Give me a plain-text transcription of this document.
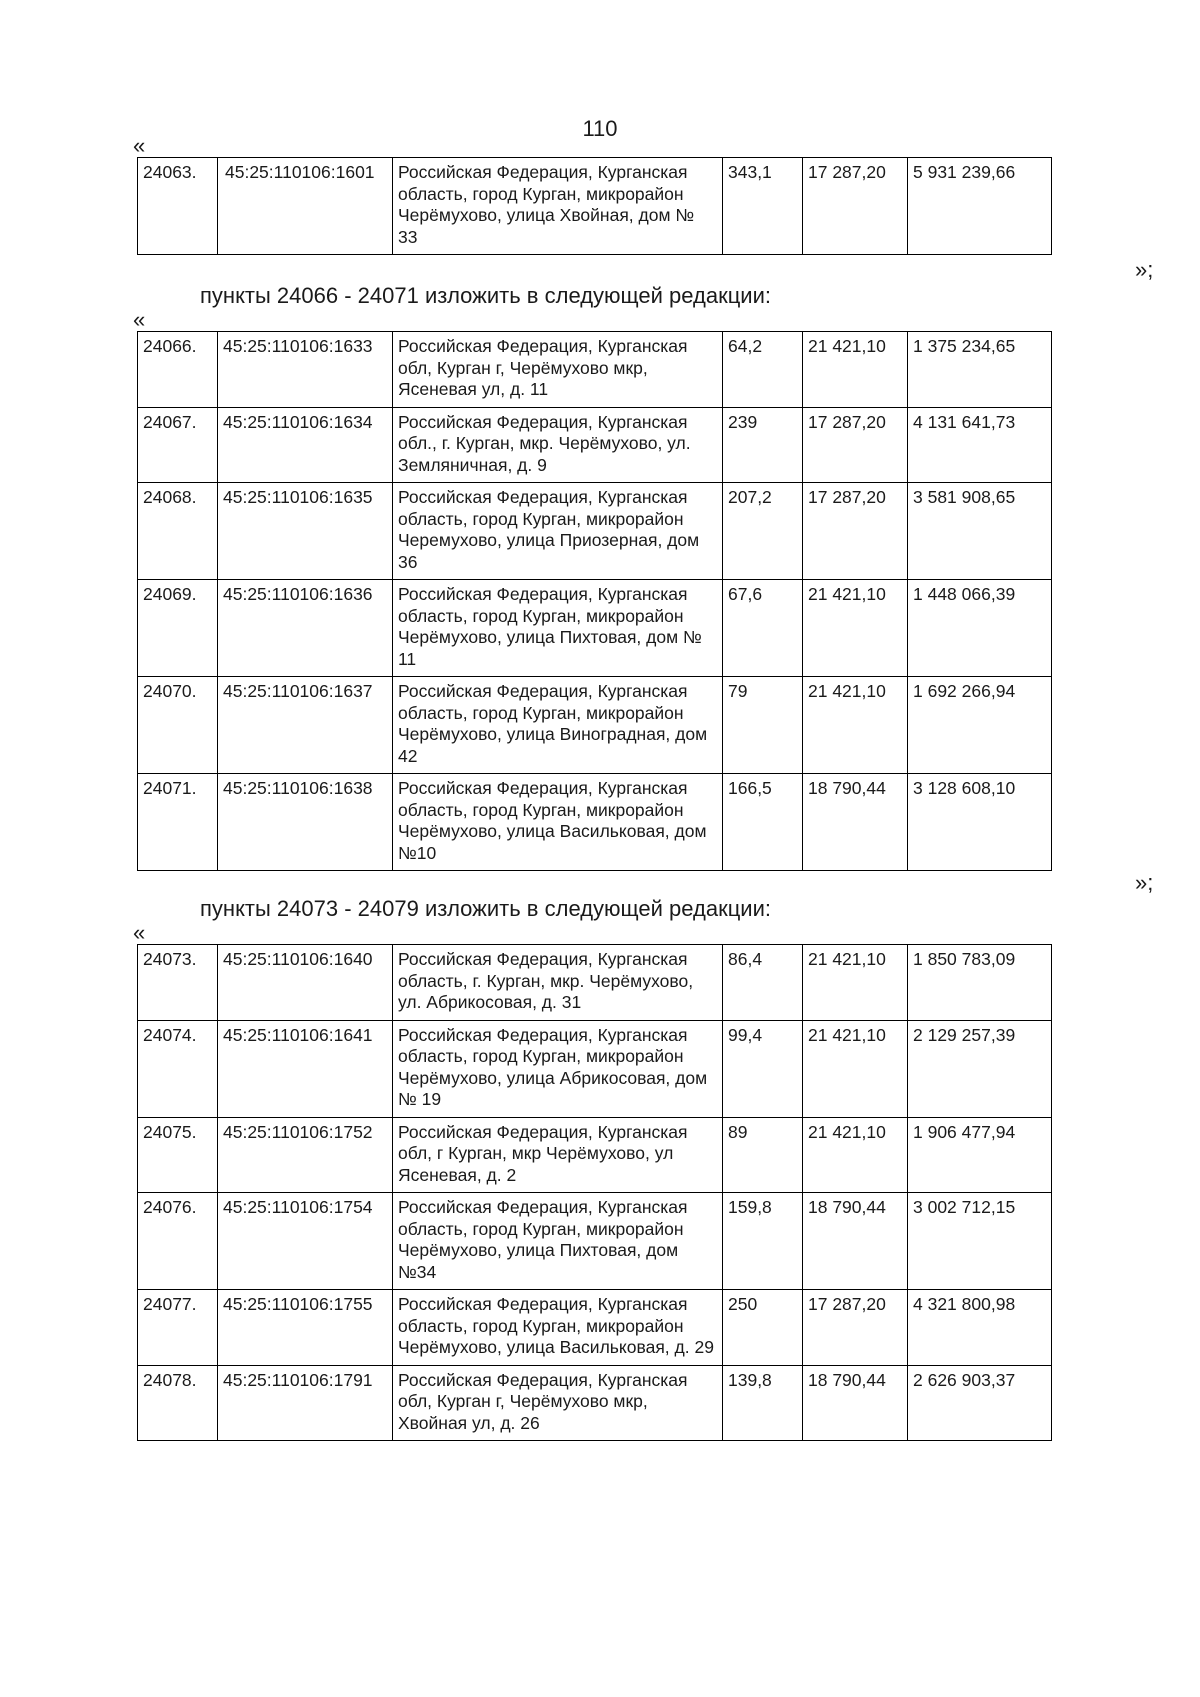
110
«
24063.	45:25:110106:1601	Российская Федерация, Курганская область, город Курган, микрорайон Черёмухово, улица Хвойная, дом № 33	343,1	17 287,20	5 931 239,66
»;
пункты 24066 - 24071 изложить в следующей редакции:
«
24066.	45:25:110106:1633	Российская Федерация, Курганская обл, Курган г, Черёмухово мкр, Ясеневая ул, д. 11	64,2	21 421,10	1 375 234,65
24067.	45:25:110106:1634	Российская Федерация, Курганская обл., г. Курган, мкр. Черёмухово, ул. Земляничная, д. 9	239	17 287,20	4 131 641,73
24068.	45:25:110106:1635	Российская Федерация, Курганская область, город Курган, микрорайон Черемухово, улица Приозерная, дом 36	207,2	17 287,20	3 581 908,65
24069.	45:25:110106:1636	Российская Федерация, Курганская область, город Курган, микрорайон Черёмухово, улица Пихтовая, дом № 11	67,6	21 421,10	1 448 066,39
24070.	45:25:110106:1637	Российская Федерация, Курганская область, город Курган, микрорайон Черёмухово, улица Виноградная, дом 42	79	21 421,10	1 692 266,94
24071.	45:25:110106:1638	Российская Федерация, Курганская область, город Курган, микрорайон Черёмухово, улица Васильковая, дом №10	166,5	18 790,44	3 128 608,10
»;
пункты 24073 - 24079 изложить в следующей редакции:
«
24073.	45:25:110106:1640	Российская Федерация, Курганская область, г. Курган, мкр. Черёмухово, ул. Абрикосовая, д. 31	86,4	21 421,10	1 850 783,09
24074.	45:25:110106:1641	Российская Федерация, Курганская область, город Курган, микрорайон Черёмухово, улица Абрикосовая, дом № 19	99,4	21 421,10	2 129 257,39
24075.	45:25:110106:1752	Российская Федерация, Курганская обл, г Курган, мкр Черёмухово, ул Ясеневая, д. 2	89	21 421,10	1 906 477,94
24076.	45:25:110106:1754	Российская Федерация, Курганская область, город Курган, микрорайон Черёмухово, улица Пихтовая, дом №34	159,8	18 790,44	3 002 712,15
24077.	45:25:110106:1755	Российская Федерация, Курганская область, город Курган, микрорайон Черёмухово, улица Васильковая, д. 29	250	17 287,20	4 321 800,98
24078.	45:25:110106:1791	Российская Федерация, Курганская обл, Курган г, Черёмухово мкр, Хвойная ул, д. 26	139,8	18 790,44	2 626 903,37
